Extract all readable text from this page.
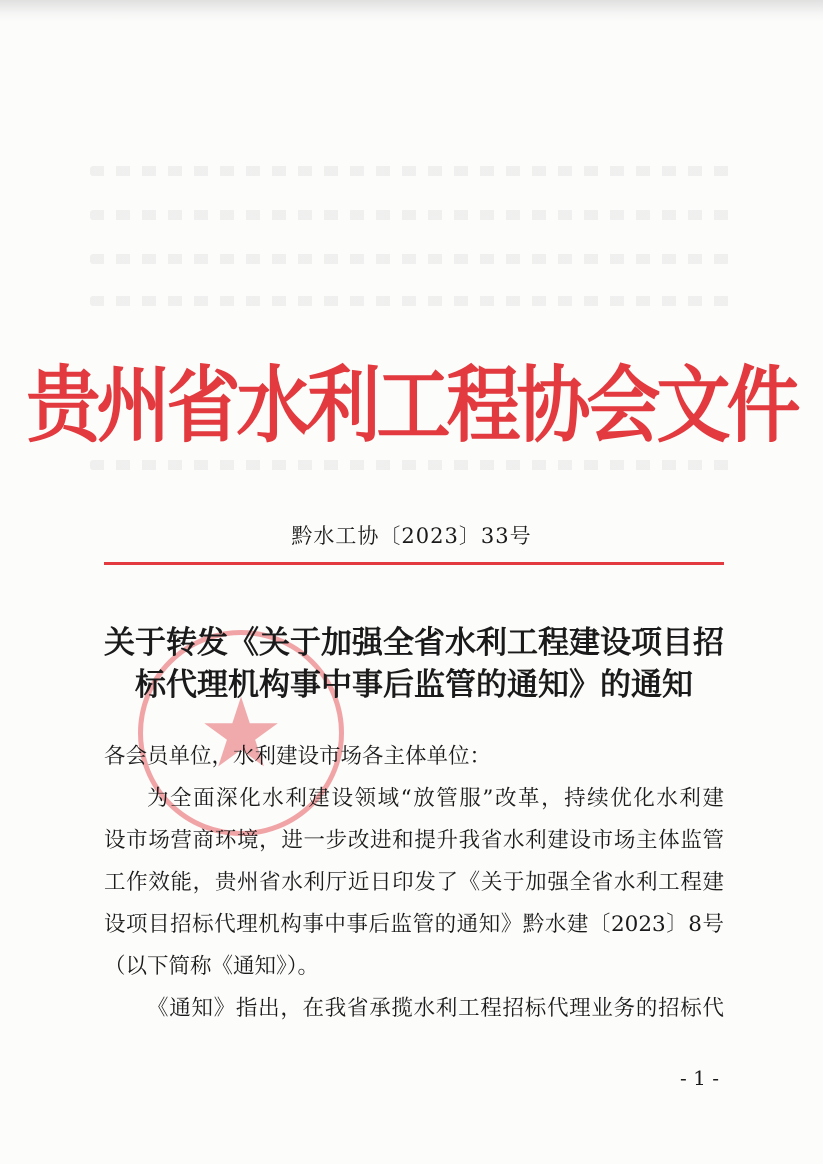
贵州省水利工程协会文件
黔水工协〔2023〕33号
★
关于转发《关于加强全省水利工程建设项目招
标代理机构事中事后监管的通知》的通知

各会员单位，水利建设市场各主体单位：

为全面深化水利建设领域“放管服”改革，持续优化水利建

设市场营商环境，进一步改进和提升我省水利建设市场主体监管

工作效能，贵州省水利厅近日印发了《关于加强全省水利工程建

设项目招标代理机构事中事后监管的通知》黔水建〔2023〕8号

（以下简称《通知》）。

《通知》指出，在我省承揽水利工程招标代理业务的招标代

- 1 -
